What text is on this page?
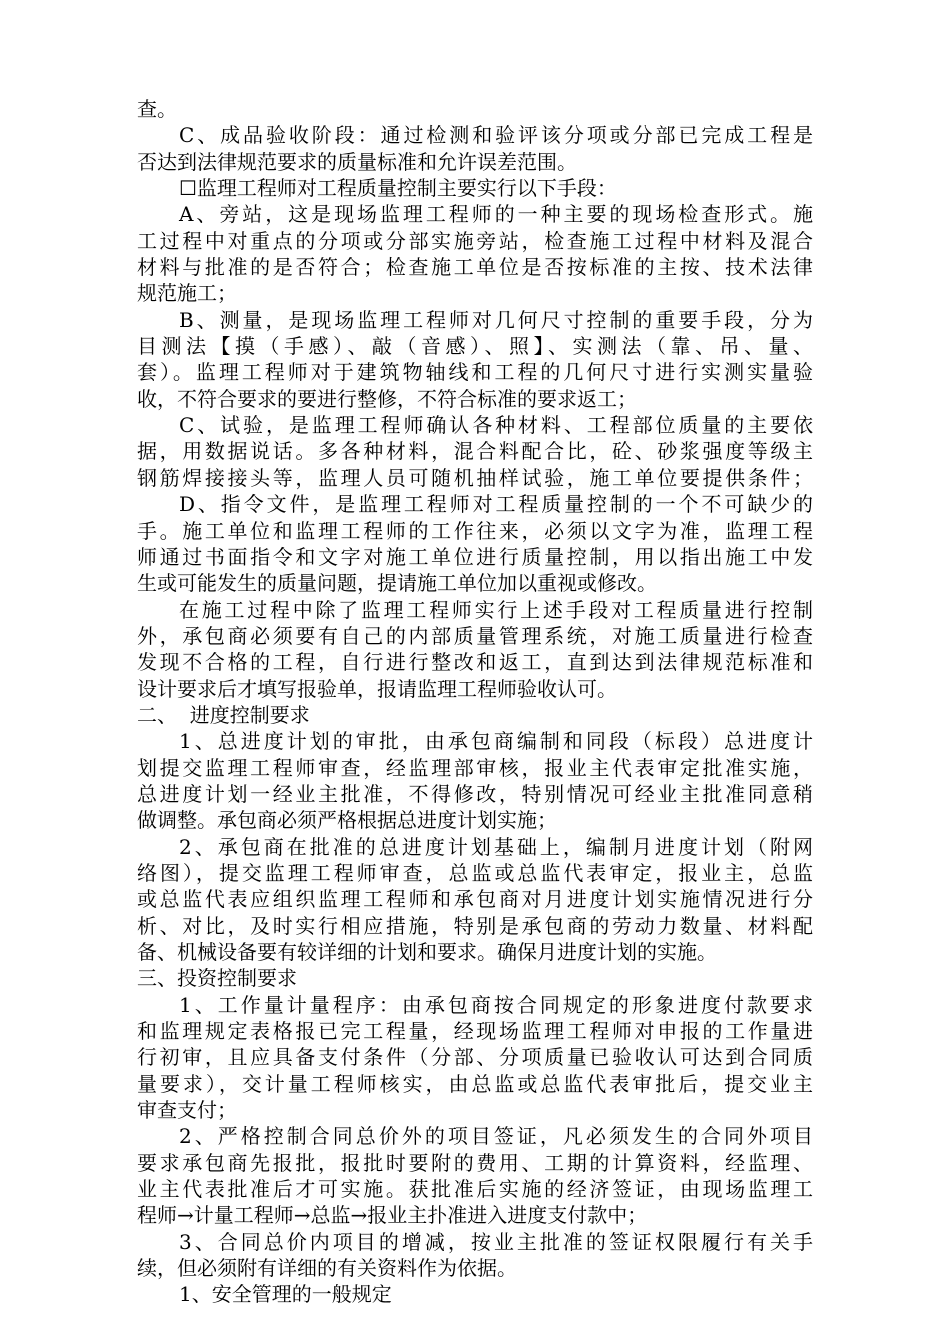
查。
C、成品验收阶段：通过检测和验评该分项或分部已完成工程是
否达到法律规范要求的质量标准和允许误差范围。
☐监理工程师对工程质量控制主要实行以下手段：
A、旁站，这是现场监理工程师的一种主要的现场检查形式。施
工过程中对重点的分项或分部实施旁站，检查施工过程中材料及混合
材料与批准的是否符合；检查施工单位是否按标准的主按、技术法律
规范施工；
B、测量，是现场监理工程师对几何尺寸控制的重要手段，分为
目测法【摸（手感）、敲（音感）、照】、实测法（靠、吊、量、
套）。监理工程师对于建筑物轴线和工程的几何尺寸进行实测实量验
收，不符合要求的要进行整修，不符合标准的要求返工；
C、试验，是监理工程师确认各种材料、工程部位质量的主要依
据，用数据说话。多各种材料，混合料配合比，砼、砂浆强度等级主
钢筋焊接接头等，监理人员可随机抽样试验，施工单位要提供条件；
D、指令文件，是监理工程师对工程质量控制的一个不可缺少的
手。施工单位和监理工程师的工作往来，必须以文字为准，监理工程
师通过书面指令和文字对施工单位进行质量控制，用以指出施工中发
生或可能发生的质量问题，提请施工单位加以重视或修改。
在施工过程中除了监理工程师实行上述手段对工程质量进行控制
外，承包商必须要有自己的内部质量管理系统，对施工质量进行检查
发现不合格的工程，自行进行整改和返工，直到达到法律规范标准和
设计要求后才填写报验单，报请监理工程师验收认可。
二、  进度控制要求
1、总进度计划的审批，由承包商编制和同段（标段）总进度计
划提交监理工程师审查，经监理部审核，报业主代表审定批准实施，
总进度计划一经业主批准，不得修改，特别情况可经业主批准同意稍
做调整。承包商必须严格根据总进度计划实施；
2、承包商在批准的总进度计划基础上，编制月进度计划（附网
络图），提交监理工程师审查，总监或总监代表审定，报业主，总监
或总监代表应组织监理工程师和承包商对月进度计划实施情况进行分
析、对比，及时实行相应措施，特别是承包商的劳动力数量、材料配
备、机械设备要有较详细的计划和要求。确保月进度计划的实施。
三、投资控制要求
1、工作量计量程序：由承包商按合同规定的形象进度付款要求
和监理规定表格报已完工程量，经现场监理工程师对申报的工作量进
行初审，且应具备支付条件（分部、分项质量已验收认可达到合同质
量要求），交计量工程师核实，由总监或总监代表审批后，提交业主
审查支付；
2、严格控制合同总价外的项目签证，凡必须发生的合同外项目
要求承包商先报批，报批时要附的费用、工期的计算资料，经监理、
业主代表批准后才可实施。获批准后实施的经济签证，由现场监理工
程师→计量工程师→总监→报业主扑准进入进度支付款中；
3、合同总价内项目的增减，按业主批准的签证权限履行有关手
续，但必须附有详细的有关资料作为依据。
1、安全管理的一般规定
